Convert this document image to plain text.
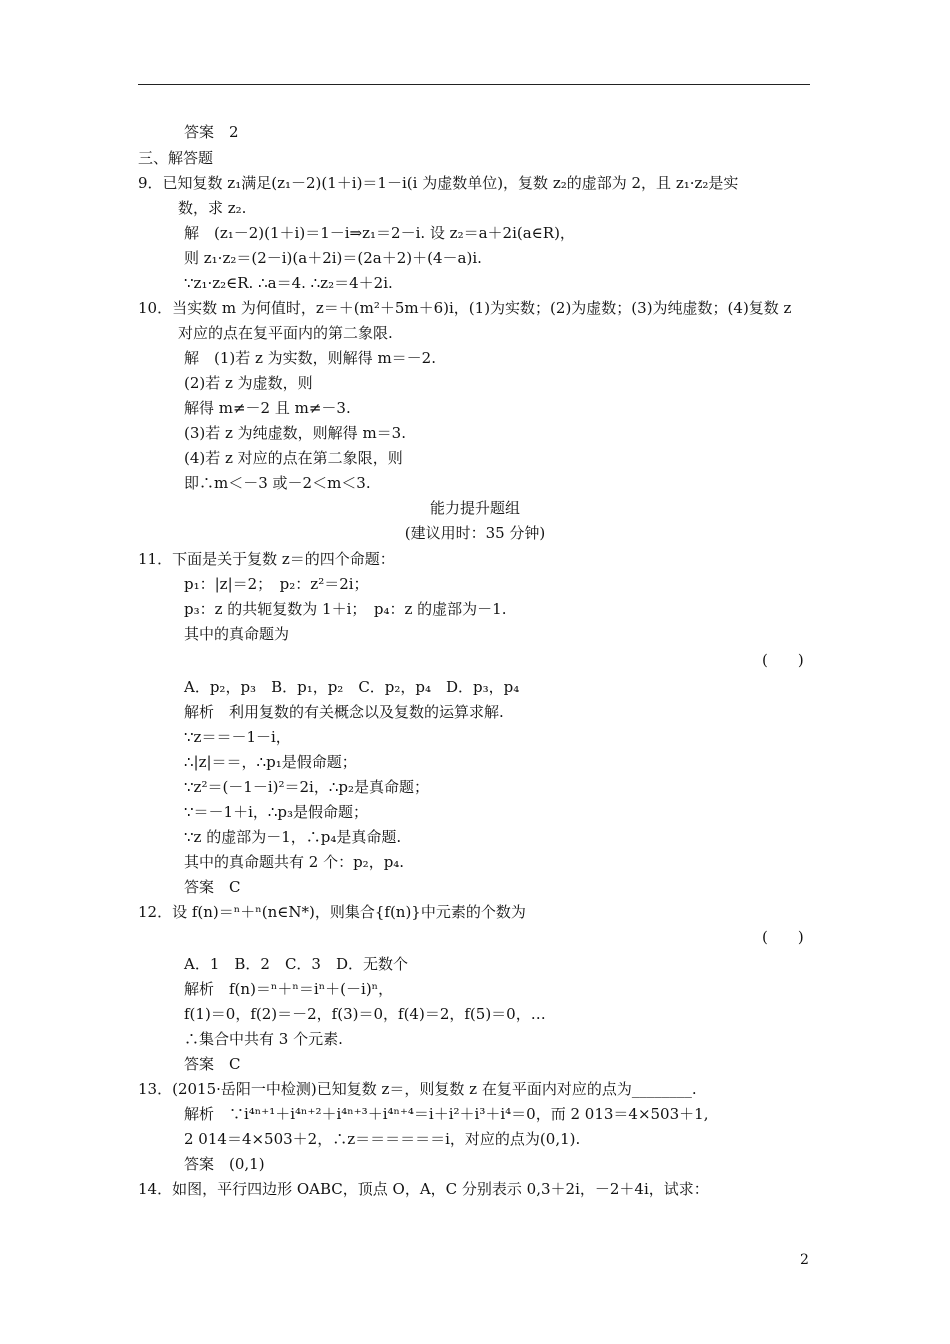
答案　2
三、解答题
9．已知复数 z₁满足(z₁－2)(1＋i)＝1－i(i 为虚数单位)，复数 z₂的虚部为 2，且 z₁·z₂是实
数，求 z₂.
解　(z₁－2)(1＋i)＝1－i⇒z₁＝2－i. 设 z₂＝a＋2i(a∈R)，
则 z₁·z₂＝(2－i)(a＋2i)＝(2a＋2)＋(4－a)i.
∵z₁·z₂∈R. ∴a＝4. ∴z₂＝4＋2i.
10．当实数 m 为何值时，z＝＋(m²＋5m＋6)i，(1)为实数；(2)为虚数；(3)为纯虚数；(4)复数 z
对应的点在复平面内的第二象限.
解　(1)若 z 为实数，则解得 m＝－2.
(2)若 z 为虚数，则
解得 m≠－2 且 m≠－3.
(3)若 z 为纯虚数，则解得 m＝3.
(4)若 z 对应的点在第二象限，则
即∴m＜－3 或－2＜m＜3.
11．下面是关于复数 z＝的四个命题：
p₁：|z|＝2；　p₂：z²＝2i；
p₃：z 的共轭复数为 1＋i；　p₄：z 的虚部为－1.
其中的真命题为
A．p₂，p₃　B．p₁，p₂　C．p₂，p₄　D．p₃，p₄
解析　利用复数的有关概念以及复数的运算求解.
∵z＝＝－1－i，
∴|z|＝＝，∴p₁是假命题；
∵z²＝(－1－i)²＝2i，∴p₂是真命题；
∵＝－1＋i，∴p₃是假命题；
∵z 的虚部为－1，∴p₄是真命题.
其中的真命题共有 2 个：p₂，p₄.
答案　C
12．设 f(n)＝ⁿ＋ⁿ(n∈N*)，则集合{f(n)}中元素的个数为
A．1　B．2　C．3　D．无数个
解析　f(n)＝ⁿ＋ⁿ＝iⁿ＋(－i)ⁿ，
f(1)＝0，f(2)＝－2，f(3)＝0，f(4)＝2，f(5)＝0，…
∴集合中共有 3 个元素.
答案　C
13．(2015·岳阳一中检测)已知复数 z＝，则复数 z 在复平面内对应的点为________.
解析　∵i⁴ⁿ⁺¹＋i⁴ⁿ⁺²＋i⁴ⁿ⁺³＋i⁴ⁿ⁺⁴＝i＋i²＋i³＋i⁴＝0，而 2 013＝4×503＋1,
2 014＝4×503＋2，∴z＝＝＝＝＝＝i，对应的点为(0,1).
答案　(0,1)
14．如图，平行四边形 OABC，顶点 O，A，C 分别表示 0,3＋2i，－2＋4i，试求：
能力提升题组
(建议用时：35 分钟)
(　　)
(　　)
2
